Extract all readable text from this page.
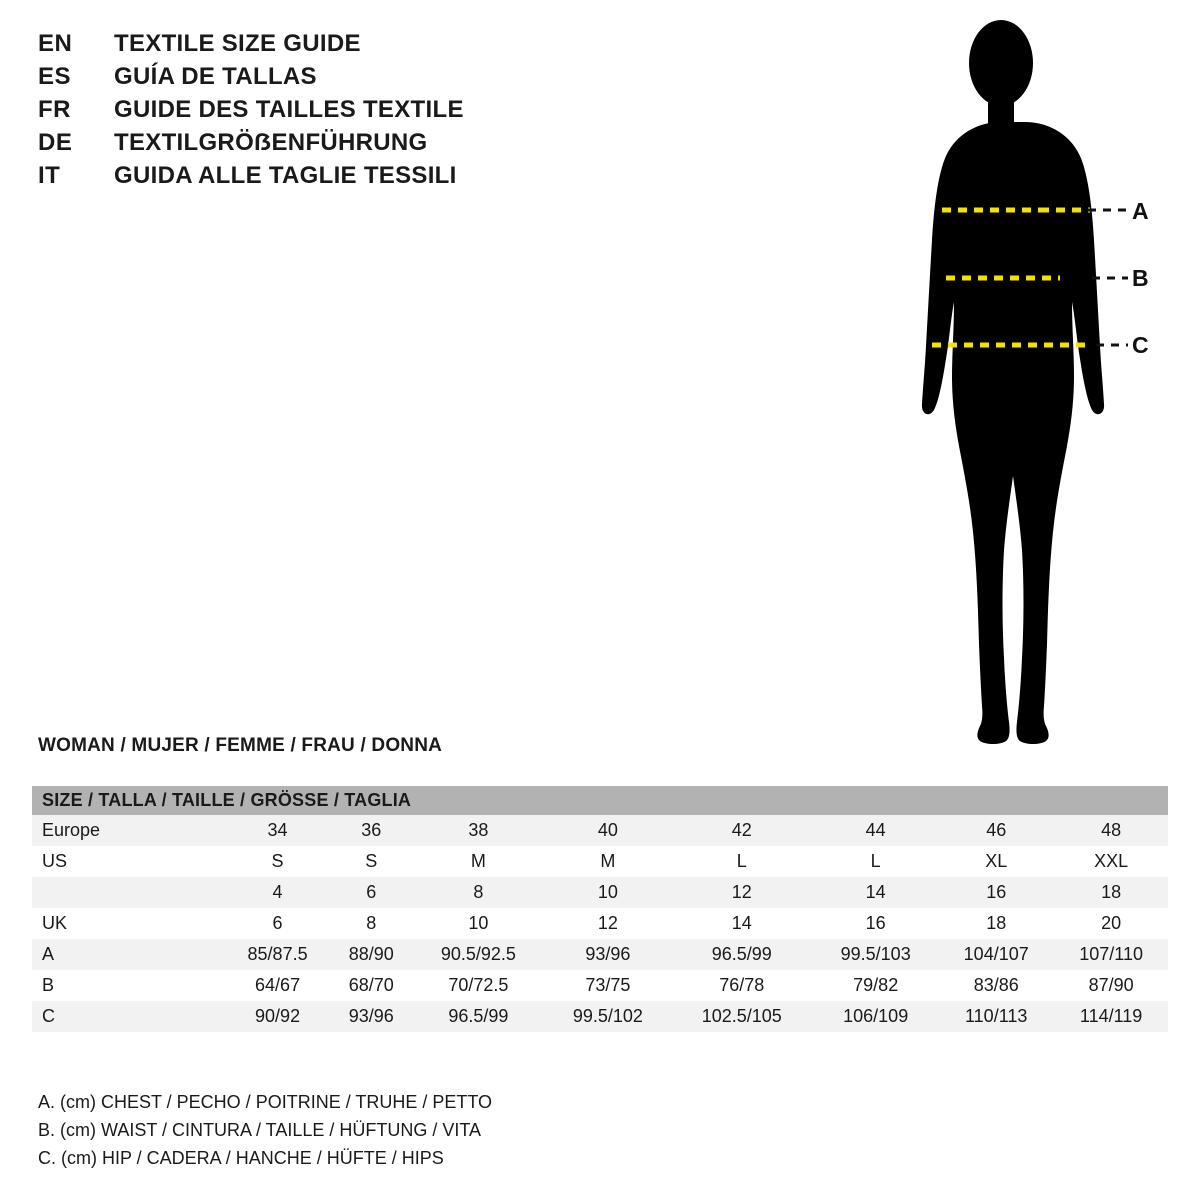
EN	TEXTILE SIZE GUIDE
ES	GUÍA DE TALLAS
FR	GUIDE DES TAILLES TEXTILE
DE	TEXTILGRÖẞENFÜHRUNG
IT	GUIDA ALLE TAGLIE TESSILI
A
B
C
WOMAN / MUJER / FEMME / FRAU / DONNA
SIZE / TALLA / TAILLE / GRÖSSE / TAGLIA								
Europe	34	36	38	40	42	44	46	48
US	S	S	M	M	L	L	XL	XXL
	4	6	8	10	12	14	16	18
UK	6	8	10	12	14	16	18	20
A	85/87.5	88/90	90.5/92.5	93/96	96.5/99	99.5/103	104/107	107/110
B	64/67	68/70	70/72.5	73/75	76/78	79/82	83/86	87/90
C	90/92	93/96	96.5/99	99.5/102	102.5/105	106/109	110/113	114/119
A. (cm) CHEST / PECHO / POITRINE / TRUHE / PETTO
B. (cm) WAIST / CINTURA / TAILLE / HÜFTUNG / VITA
C. (cm) HIP / CADERA / HANCHE / HÜFTE / HIPS
